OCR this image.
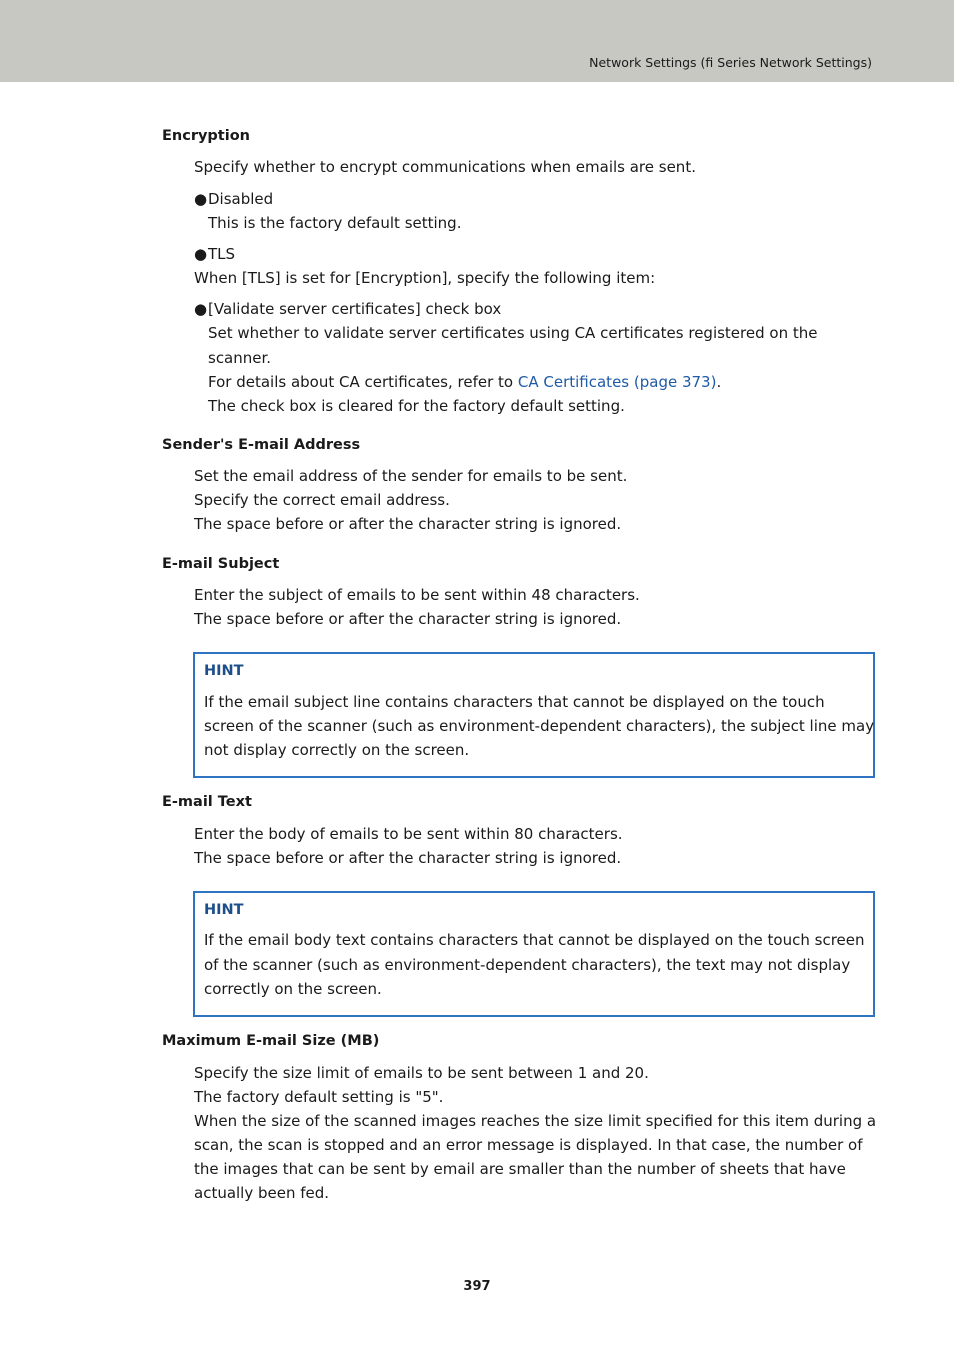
Network Settings (fi Series Network Settings)
Encryption
Specify whether to encrypt communications when emails are sent.
●Disabled
This is the factory default setting.
●TLS
When [TLS] is set for [Encryption], specify the following item:
●[Validate server certificates] check box
Set whether to validate server certificates using CA certificates registered on the
scanner.
For details about CA certificates, refer to CA Certificates (page 373).
The check box is cleared for the factory default setting.
Sender's E-mail Address
Set the email address of the sender for emails to be sent.
Specify the correct email address.
The space before or after the character string is ignored.
E-mail Subject
Enter the subject of emails to be sent within 48 characters.
The space before or after the character string is ignored.
HINT
If the email subject line contains characters that cannot be displayed on the touch
screen of the scanner (such as environment-dependent characters), the subject line may
not display correctly on the screen.
E-mail Text
Enter the body of emails to be sent within 80 characters.
The space before or after the character string is ignored.
HINT
If the email body text contains characters that cannot be displayed on the touch screen
of the scanner (such as environment-dependent characters), the text may not display
correctly on the screen.
Maximum E-mail Size (MB)
Specify the size limit of emails to be sent between 1 and 20.
The factory default setting is "5".
When the size of the scanned images reaches the size limit specified for this item during a
scan, the scan is stopped and an error message is displayed. In that case, the number of
the images that can be sent by email are smaller than the number of sheets that have
actually been fed.
397
